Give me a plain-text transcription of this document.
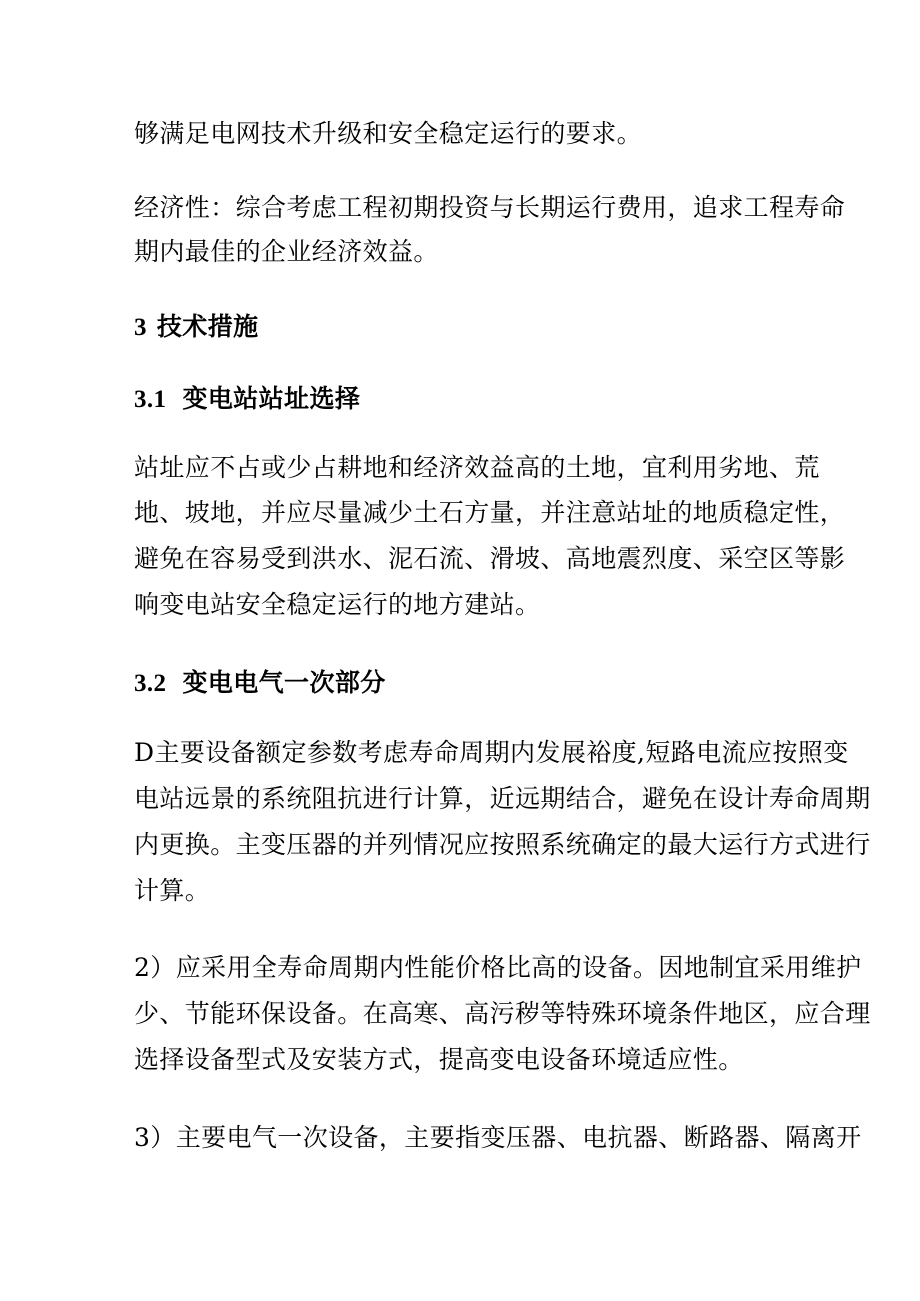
够满足电网技术升级和安全稳定运行的要求。
经济性：综合考虑工程初期投资与长期运行费用，追求工程寿命
期内最佳的企业经济效益。
3 技术措施
3.1 变电站站址选择
站址应不占或少占耕地和经济效益高的土地，宜利用劣地、荒
地、坡地，并应尽量减少土石方量，并注意站址的地质稳定性，
避免在容易受到洪水、泥石流、滑坡、高地震烈度、采空区等影
响变电站安全稳定运行的地方建站。
3.2 变电电气一次部分
D主要设备额定参数考虑寿命周期内发展裕度,短路电流应按照变
电站远景的系统阻抗进行计算，近远期结合，避免在设计寿命周期
内更换。主变压器的并列情况应按照系统确定的最大运行方式进行
计算。
2）应采用全寿命周期内性能价格比高的设备。因地制宜采用维护
少、节能环保设备。在高寒、高污秽等特殊环境条件地区，应合理
选择设备型式及安装方式，提高变电设备环境适应性。
3）主要电气一次设备，主要指变压器、电抗器、断路器、隔离开
